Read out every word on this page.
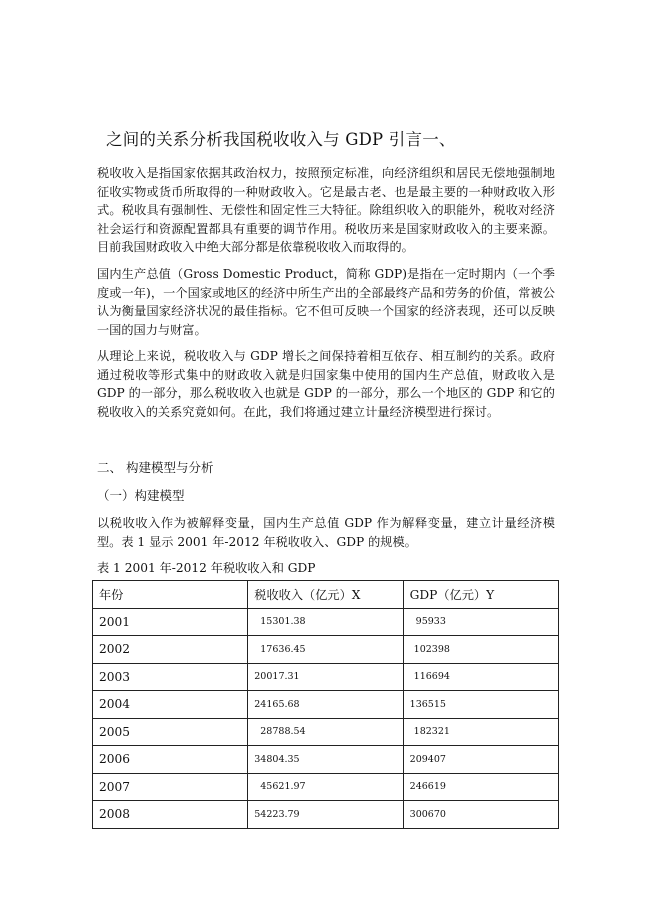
之间的关系分析我国税收收入与 GDP 引言一、
税收收入是指国家依据其政治权力，按照预定标准，向经济组织和居民无偿地强制地征收实物或货币所取得的一种财政收入。它是最古老、也是最主要的一种财政收入形式。税收具有强制性、无偿性和固定性三大特征。除组织收入的职能外，税收对经济社会运行和资源配置都具有重要的调节作用。税收历来是国家财政收入的主要来源。目前我国财政收入中绝大部分都是依靠税收收入而取得的。
国内生产总值（Gross Domestic Product，简称 GDP)是指在一定时期内（一个季度或一年)，一个国家或地区的经济中所生产出的全部最终产品和劳务的价值，常被公认为衡量国家经济状况的最佳指标。它不但可反映一个国家的经济表现，还可以反映一国的国力与财富。
从理论上来说，税收收入与 GDP 增长之间保持着相互依存、相互制约的关系。政府通过税收等形式集中的财政收入就是归国家集中使用的国内生产总值，财政收入是 GDP 的一部分，那么税收收入也就是 GDP 的一部分，那么一个地区的 GDP 和它的税收收入的关系究竟如何。在此，我们将通过建立计量经济模型进行探讨。
二、 构建模型与分析
（一）构建模型
以税收收入作为被解释变量，国内生产总值 GDP 作为解释变量，建立计量经济模型。表 1 显示 2001 年-2012 年税收收入、GDP 的规模。
表 1 2001 年-2012 年税收收入和 GDP
年份	税收收入（亿元）X	GDP（亿元）Y
2001	15301.38	95933
2002	17636.45	102398
2003	20017.31	116694
2004	24165.68	136515
2005	28788.54	182321
2006	34804.35	209407
2007	45621.97	246619
2008	54223.79	300670
